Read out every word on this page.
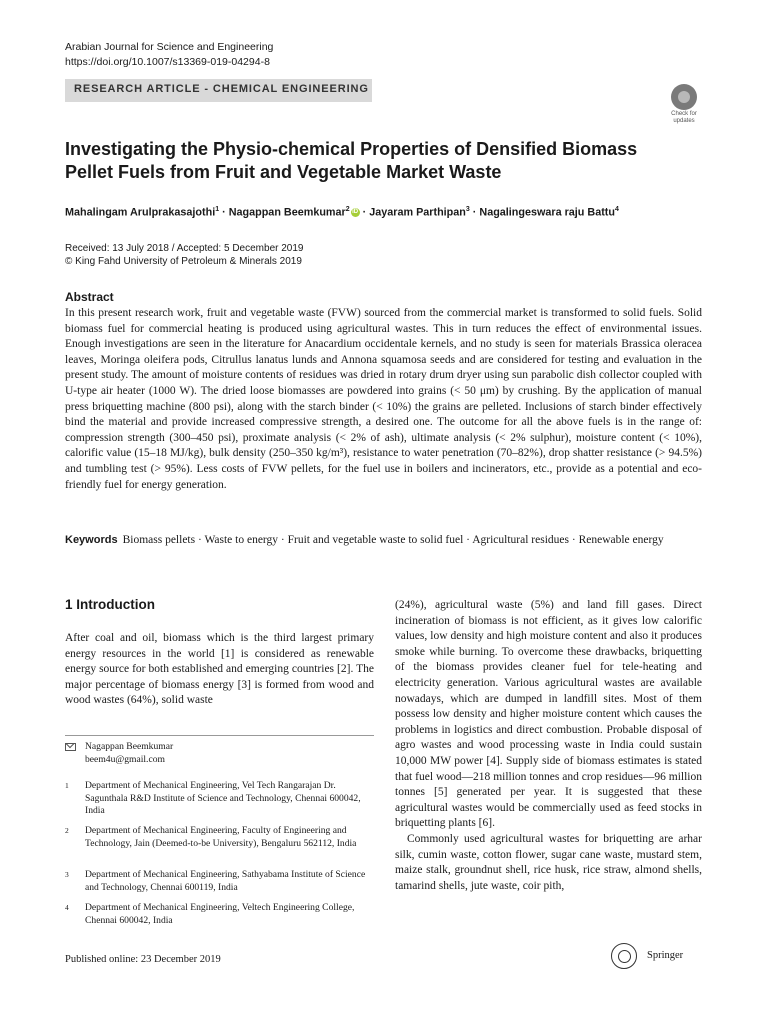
Arabian Journal for Science and Engineering
https://doi.org/10.1007/s13369-019-04294-8
RESEARCH ARTICLE - CHEMICAL ENGINEERING
Check for updates
Investigating the Physio-chemical Properties of Densified Biomass Pellet Fuels from Fruit and Vegetable Market Waste
Mahalingam Arulprakasajothi$^1$ · Nagappan Beemkumar$^2$ iD · Jayaram Parthipan$^3$ · Nagalingeswara raju Battu$^4$
Received: 13 July 2018 / Accepted: 5 December 2019
© King Fahd University of Petroleum & Minerals 2019
Abstract

In this present research work, fruit and vegetable waste (FVW) sourced from the commercial market is transformed to solid fuels. Solid biomass fuel for commercial heating is produced using agricultural wastes. This in turn reduces the effect of environmental issues. Enough investigations are seen in the literature for Anacardium occidentale kernels, and no study is seen for materials Brassica oleracea leaves, Moringa oleifera pods, Citrullus lanatus lunds and Annona squamosa seeds and are considered for testing and evaluation in the present study. The amount of moisture contents of residues was dried in rotary drum dryer using sun parabolic dish collector coupled with U-type air heater (1000 W). The dried loose biomasses are powdered into grains (< 50 μm) by crushing. By the application of manual press briquetting machine (800 psi), along with the starch binder (< 10%) the grains are pelleted. Inclusions of starch binder effectively bind the material and provide increased compressive strength, a desired one. The outcome for all the above fuels is in the range of: compression strength (300–450 psi), proximate analysis (< 2% of ash), ultimate analysis (< 2% sulphur), moisture content (< 10%), calorific value (15–18 MJ/kg), bulk density (250–350 kg/m³), resistance to water penetration (70–82%), drop shatter resistance (> 94.5%) and tumbling test (> 95%). Less costs of FVW pellets, for the fuel use in boilers and incinerators, etc., provide as a potential and eco-friendly fuel for energy generation.

Keywords Biomass pellets · Waste to energy · Fruit and vegetable waste to solid fuel · Agricultural residues · Renewable energy
1 Introduction

After coal and oil, biomass which is the third largest primary energy resources in the world [1] is considered as renewable energy source for both established and emerging countries [2]. The major percentage of biomass energy [3] is formed from wood and wood wastes (64%), solid waste

(24%), agricultural waste (5%) and land fill gases. Direct incineration of biomass is not efficient, as it gives low calorific values, low density and high moisture content and also it produces smoke while burning. To overcome these drawbacks, briquetting of the biomass provides cleaner fuel for tele-heating and electricity generation. Various agricultural wastes are available nowadays, which are dumped in landfill sites. Most of them possess low density and higher moisture content which causes the problems in logistics and direct combustion. Probable disposal of agro wastes and wood processing waste in India could sustain 10,000 MW power [4]. Supply side of biomass estimates is stated that fuel wood—218 million tonnes and crop residues—96 million tonnes [5] generated per year. It is suggested that these agricultural wastes would be commercially used as feed stocks in briquetting plants [6].

Commonly used agricultural wastes for briquetting are arhar silk, cumin waste, cotton flower, sugar cane waste, mustard stem, maize stalk, groundnut shell, rice husk, rice straw, almond shells, tamarind shells, jute waste, coir pith,

Nagappan Beemkumar
beem4u@gmail.com
1 Department of Mechanical Engineering, Vel Tech Rangarajan Dr. Sagunthala R&D Institute of Science and Technology, Chennai 600042, India
2 Department of Mechanical Engineering, Faculty of Engineering and Technology, Jain (Deemed-to-be University), Bengaluru 562112, India
3 Department of Mechanical Engineering, Sathyabama Institute of Science and Technology, Chennai 600119, India
4 Department of Mechanical Engineering, Veltech Engineering College, Chennai 600042, India
Published online: 23 December 2019	Springer
